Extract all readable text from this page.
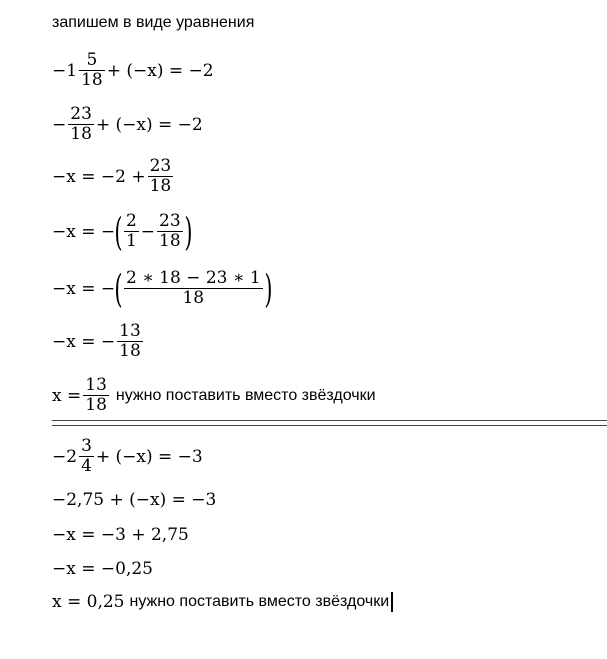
запишем в виде уравнения
$-1 \frac{5}{18} + (-x) = -2$
− $\frac{23}{18} + (-x) = -2$
$-x = -2 + \frac{23}{18}$
−x = − ( $\frac{2}{1} - \frac{23}{18}$ )
−x = − ( $\frac{2 ∗ 18 - 23 ∗ 1}{18}$ )
−x = − $\frac{13}{18}$
$x = \frac{13}{18}$ нужно поставить вместо звёздочки
$-2 \frac{3}{4} + (-x) = -3$
−2,75 + (−x) = −3
−x = −3 + 2,75
−x = −0,25
x = 0,25 нужно поставить вместо звёздочки
